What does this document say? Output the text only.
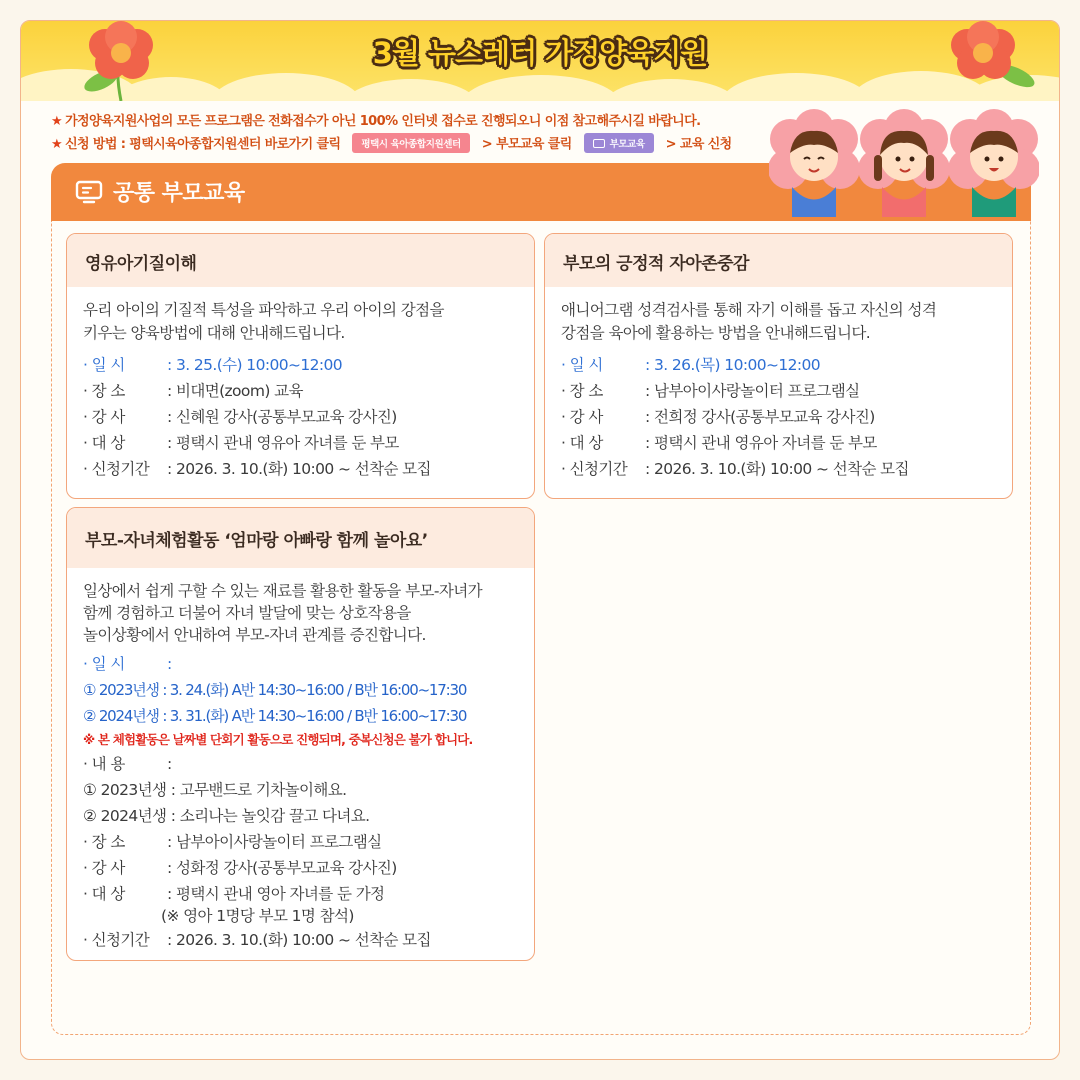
3월 뉴스레터 가정양육지원
★ 가정양육지원사업의 모든 프로그램은 전화접수가 아닌 100% 인터넷 접수로 진행되오니 이점 참고해주시길 바랍니다.
★ 신청 방법 : 평택시육아종합지원센터 바로가기 클릭 평택시 육아종합지원센터 > 부모교육 클릭	부모교육 > 교육 신청
공통 부모교육
영유아기질이해
우리 아이의 기질적 특성을 파악하고 우리 아이의 강점을
키우는 양육방법에 대해 안내해드립니다.
· 일 시	: 3. 25.(수) 10:00~12:00
· 장 소	: 비대면(zoom) 교육
· 강 사	: 신혜원 강사(공통부모교육 강사진)
· 대 상	: 평택시 관내 영유아 자녀를 둔 부모
· 신청기간 : 2026. 3. 10.(화) 10:00 ~ 선착순 모집
부모의 긍정적 자아존중감
애니어그램 성격검사를 통해 자기 이해를 돕고 자신의 성격
강점을 육아에 활용하는 방법을 안내해드립니다.
· 일 시	: 3. 26.(목) 10:00~12:00
· 장 소	: 남부아이사랑놀이터 프로그램실
· 강 사	: 전희정 강사(공통부모교육 강사진)
· 대 상	: 평택시 관내 영유아 자녀를 둔 부모
· 신청기간 : 2026. 3. 10.(화) 10:00 ~ 선착순 모집
부모-자녀체험활동 ‘엄마랑 아빠랑 함께 놀아요’
일상에서 쉽게 구할 수 있는 재료를 활용한 활동을 부모-자녀가
함께 경험하고 더불어 자녀 발달에 맞는 상호작용을
놀이상황에서 안내하여 부모-자녀 관계를 증진합니다.
· 일 시	:
① 2023년생 : 3. 24.(화) A반 14:30~16:00 / B반 16:00~17:30
② 2024년생 : 3. 31.(화) A반 14:30~16:00 / B반 16:00~17:30
※ 본 체험활동은 날짜별 단회기 활동으로 진행되며, 중복신청은 불가 합니다.
· 내 용	:
① 2023년생 : 고무밴드로 기차놀이해요.
② 2024년생 : 소리나는 놀잇감 끌고 다녀요.
· 장 소	: 남부아이사랑놀이터 프로그램실
· 강 사	: 성화정 강사(공통부모교육 강사진)
· 대 상	: 평택시 관내 영아 자녀를 둔 가정
(※ 영아 1명당 부모 1명 참석)
· 신청기간 : 2026. 3. 10.(화) 10:00 ~ 선착순 모집
